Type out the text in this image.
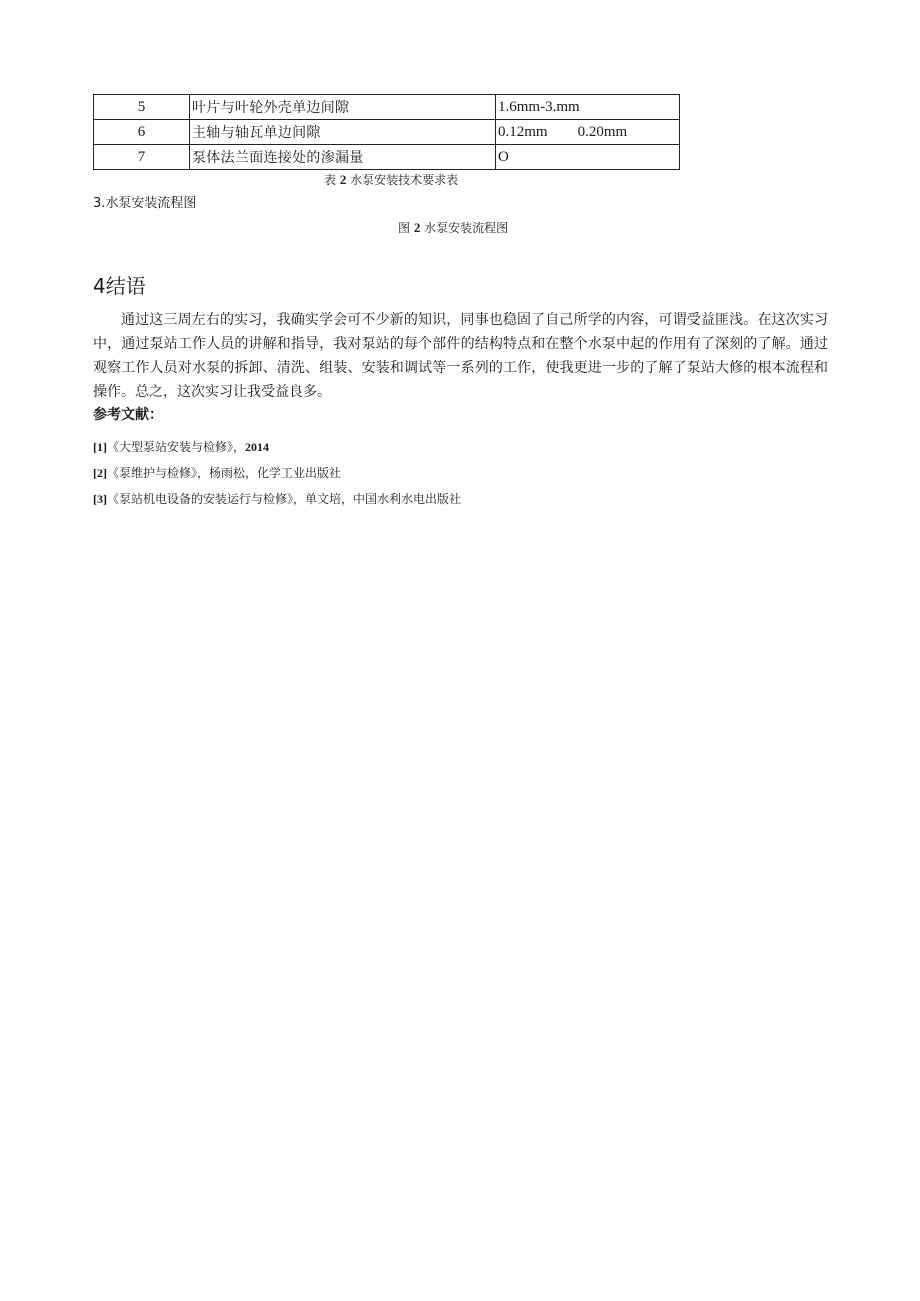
5	叶片与叶轮外壳单边间隙	1.6mm-3.mm
6	主轴与轴瓦单边间隙	0.12mm        0.20mm
7	泵体法兰面连接处的渗漏量	O
表 2 水泵安装技术要求表
3.水泵安装流程图
图 2 水泵安装流程图
4结语

通过这三周左右的实习，我确实学会可不少新的知识，同事也稳固了自己所学的内容，可谓受益匪浅。在这次实习中，通过泵站工作人员的讲解和指导，我对泵站的每个部件的结构特点和在整个水泵中起的作用有了深刻的了解。通过观察工作人员对水泵的拆卸、清洗、组装、安装和调试等一系列的工作，使我更进一步的了解了泵站大修的根本流程和操作。总之，这次实习让我受益良多。

参考文献：
[1]《大型泵站安装与检修》，2014
[2]《泵维护与检修》，杨雨松，化学工业出版社
[3]《泵站机电设备的安装运行与检修》，单文培，中国水利水电出版社
